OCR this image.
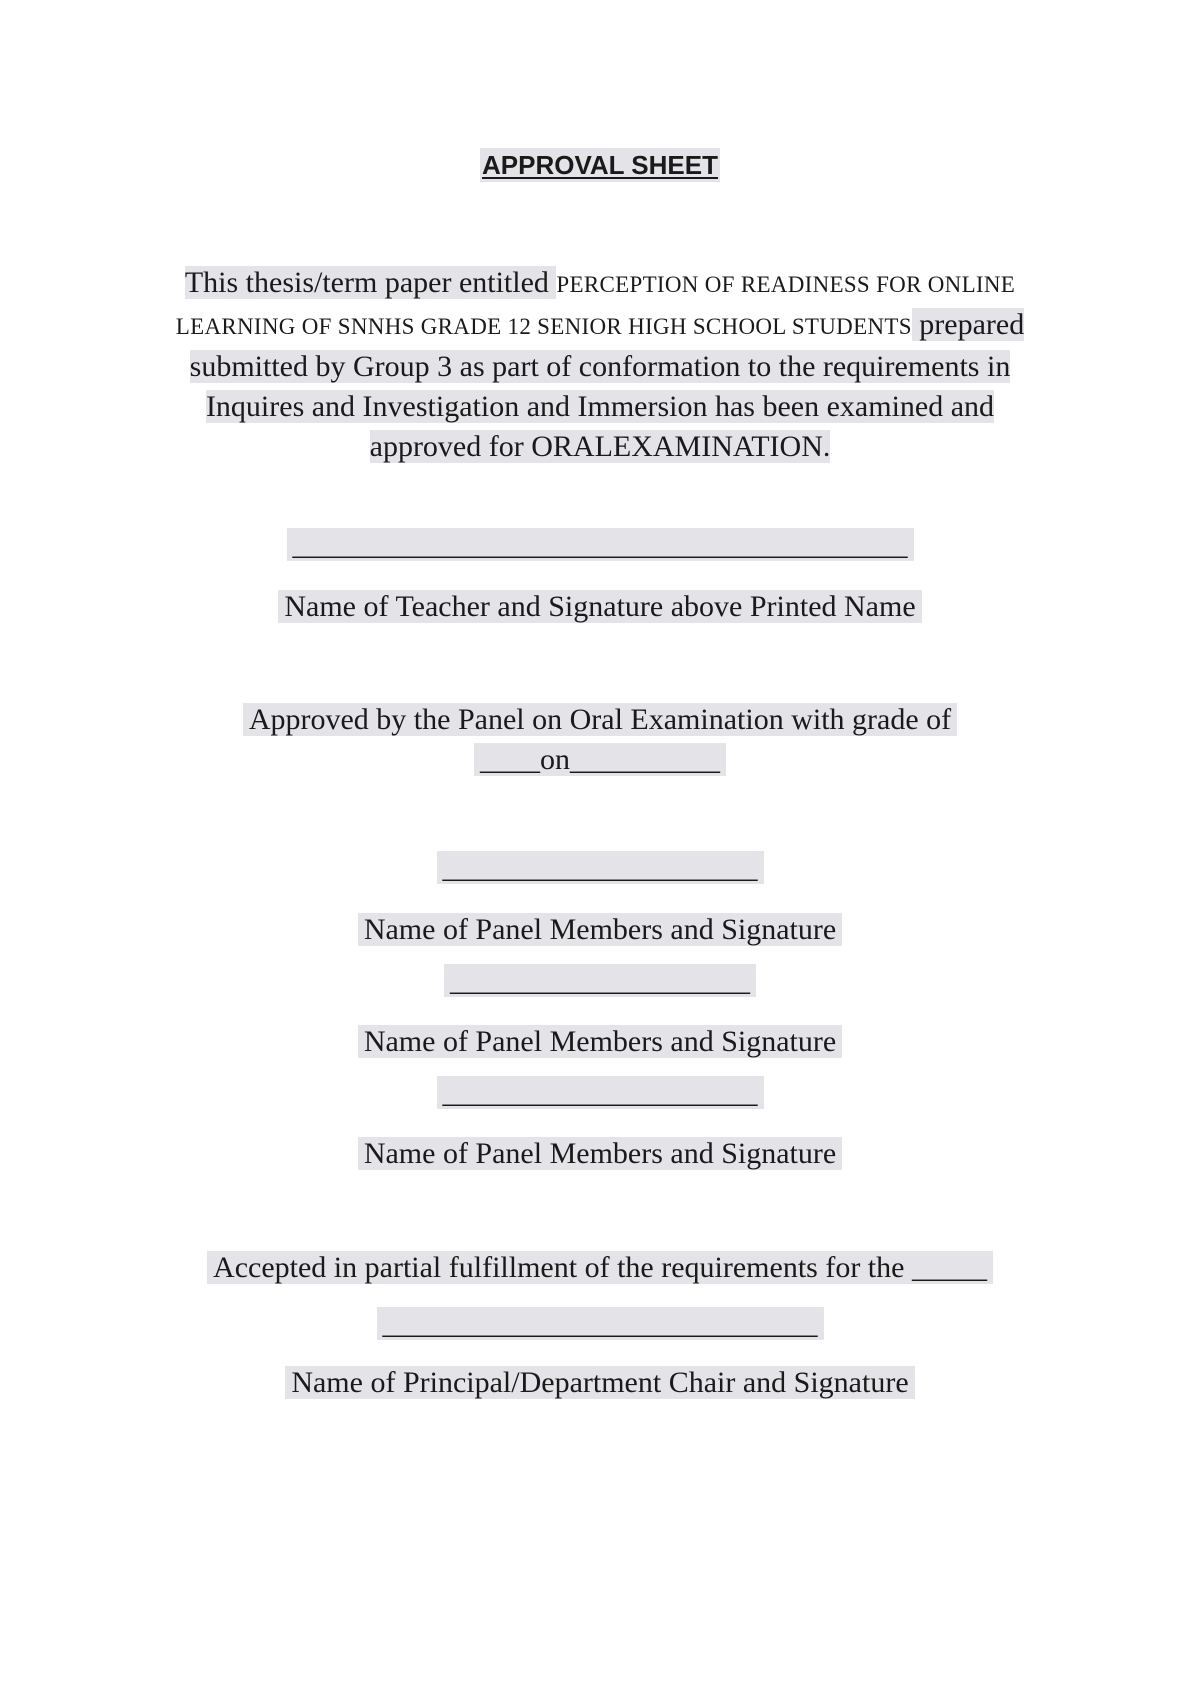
APPROVAL SHEET
This thesis/term paper entitled PERCEPTION OF READINESS FOR ONLINE LEARNING OF SNNHS GRADE 12 SENIOR HIGH SCHOOL STUDENTS prepared submitted by Group 3 as part of conformation to the requirements in Inquires and Investigation and Immersion has been examined and approved for ORALEXAMINATION.
_________________________________________
Name of Teacher and Signature above Printed Name
Approved by the Panel on Oral Examination with grade of
____on__________
_____________________
Name of Panel Members and Signature
____________________
Name of Panel Members and Signature
_____________________
Name of Panel Members and Signature
Accepted in partial fulfillment of the requirements for the _____
_____________________________
Name of Principal/Department Chair and Signature
